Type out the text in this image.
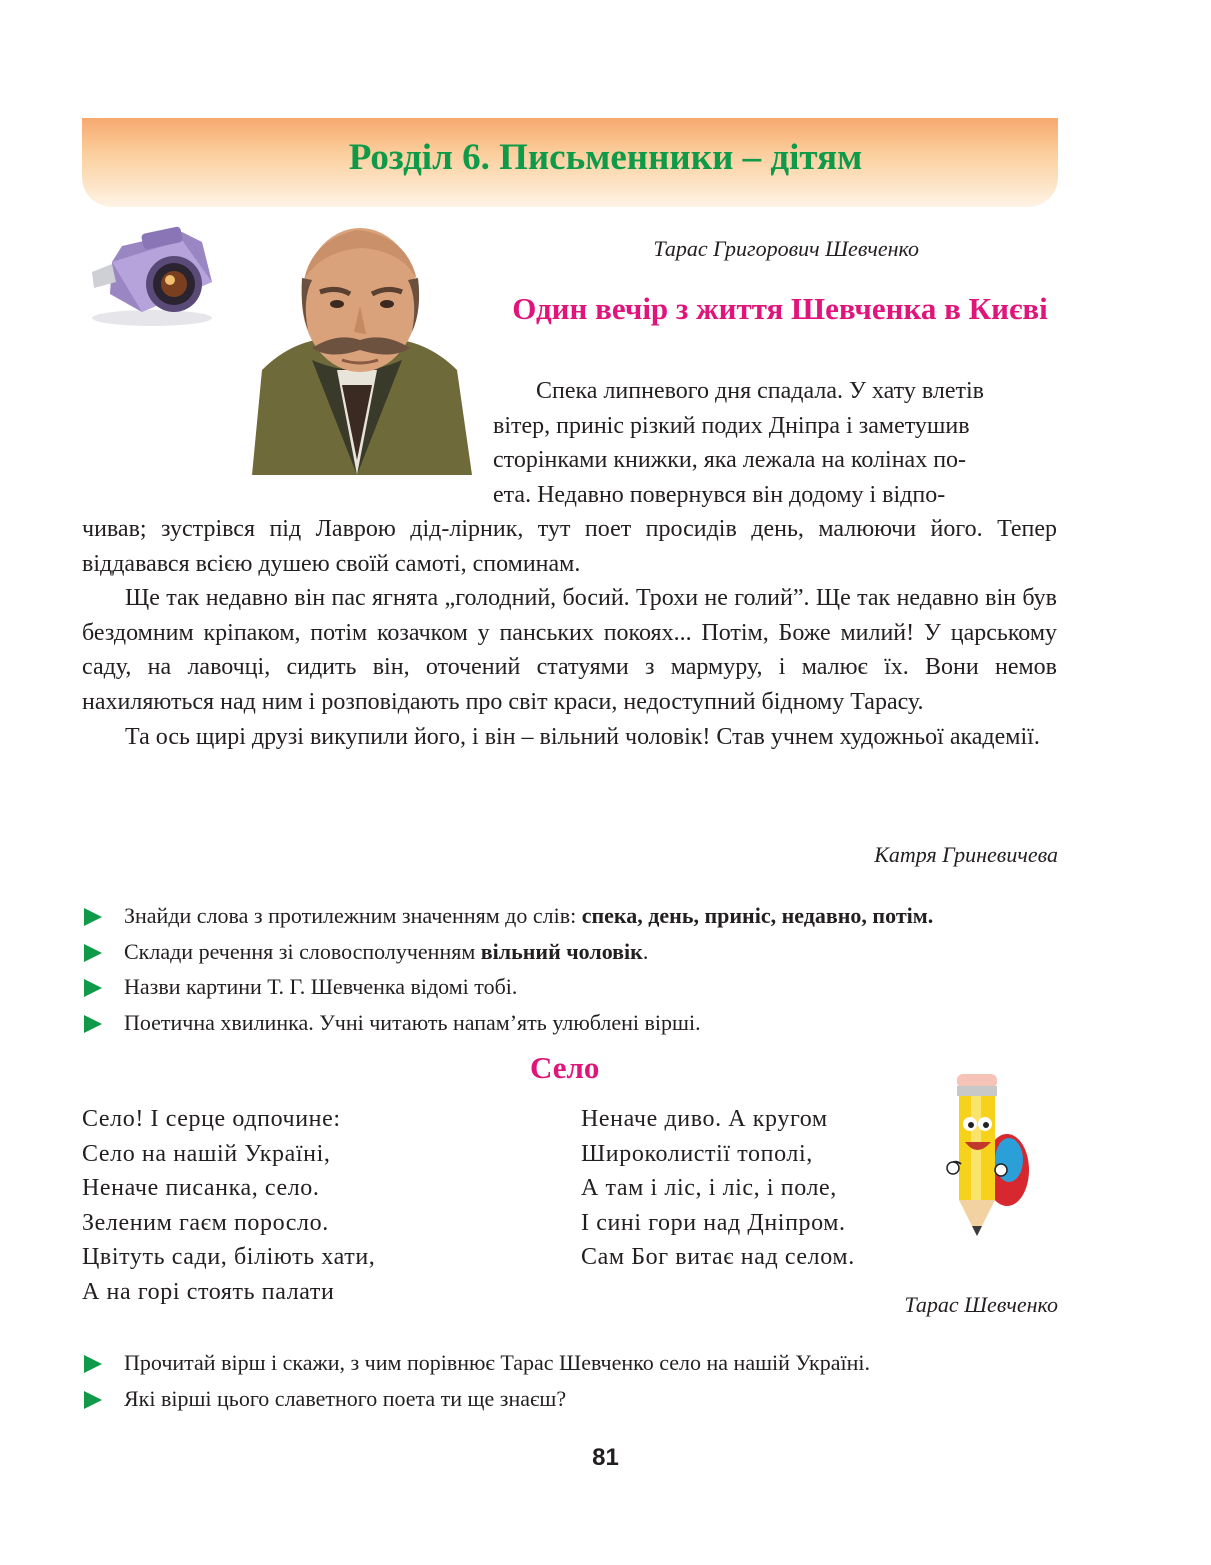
Розділ 6. Письменники – дітям
Тарас Григорович Шевченко
Один вечір з життя Шевченка в Києві
Спека липневого дня спадала. У хату влетів
вітер, приніс різкий подих Дніпра і заметушив
сторінками книжки, яка лежала на колінах по-
ета. Недавно повернувся він додому і відпо-

чивав; зустрівся під Лаврою дід-лірник, тут поет просидів день, малюючи його. Тепер віддавався всією душею своїй самоті, споминам.

Ще так недавно він пас ягнята „голодний, босий. Трохи не голий”. Ще так недавно він був бездомним кріпаком, потім козачком у панських покоях... Потім, Боже милий! У царському саду, на лавочці, сидить він, оточений статуями з мармуру, і малює їх. Вони немов нахиляються над ним і розповідають про світ краси, недоступний бідному Тарасу.

Та ось щирі друзі викупили його, і він – вільний чоловік! Став учнем художньої академії.

Катря Гриневичева
Знайди слова з протилежним значенням до слів: спека, день, приніс, недавно, потім.
Склади речення зі словосполученням вільний чоловік.
Назви картини Т. Г. Шевченка відомі тобі.
Поетична хвилинка. Учні читають напам’ять улюблені вірші.
Село
Село! І серце одпочине:
Село на нашій Україні,
Неначе писанка, село.
Зеленим гаєм поросло.
Цвітуть сади, біліють хати,
А на горі стоять палати
Неначе диво. А кругом
Широколистії тополі,
А там і ліс, і ліс, і поле,
І сині гори над Дніпром.
Сам Бог витає над селом.
Тарас Шевченко
Прочитай вірш і скажи, з чим порівнює Тарас Шевченко село на нашій Україні.
Які вірші цього славетного поета ти ще знаєш?
81
